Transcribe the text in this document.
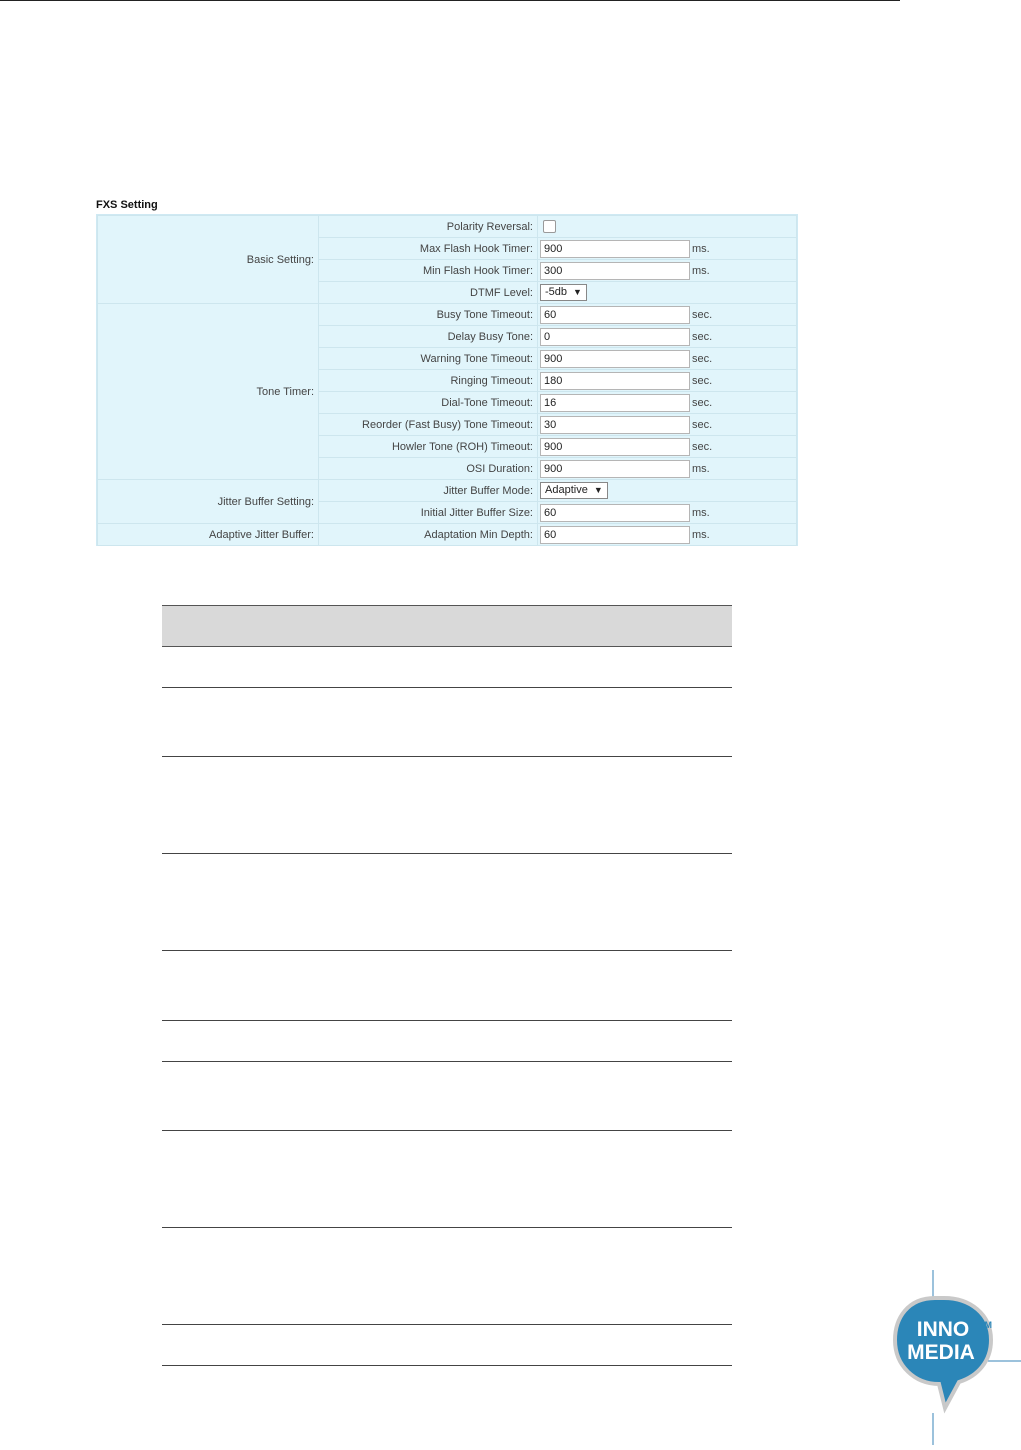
FXS Setting
Basic Setting:	Polarity Reversal:	
	Max Flash Hook Timer:	900 ms.
	Min Flash Hook Timer:	300 ms.
	DTMF Level:	-5db ▼
Tone Timer:	Busy Tone Timeout:	60 sec.
	Delay Busy Tone:	0 sec.
	Warning Tone Timeout:	900 sec.
	Ringing Timeout:	180 sec.
	Dial-Tone Timeout:	16 sec.
	Reorder (Fast Busy) Tone Timeout:	30 sec.
	Howler Tone (ROH) Timeout:	900 sec.
	OSI Duration:	900 ms.
Jitter Buffer Setting:	Jitter Buffer Mode:	Adaptive ▼
	Initial Jitter Buffer Size:	60 ms.
Adaptive Jitter Buffer:	Adaptation Min Depth:	60 ms.
INNO
MEDIA
TM
